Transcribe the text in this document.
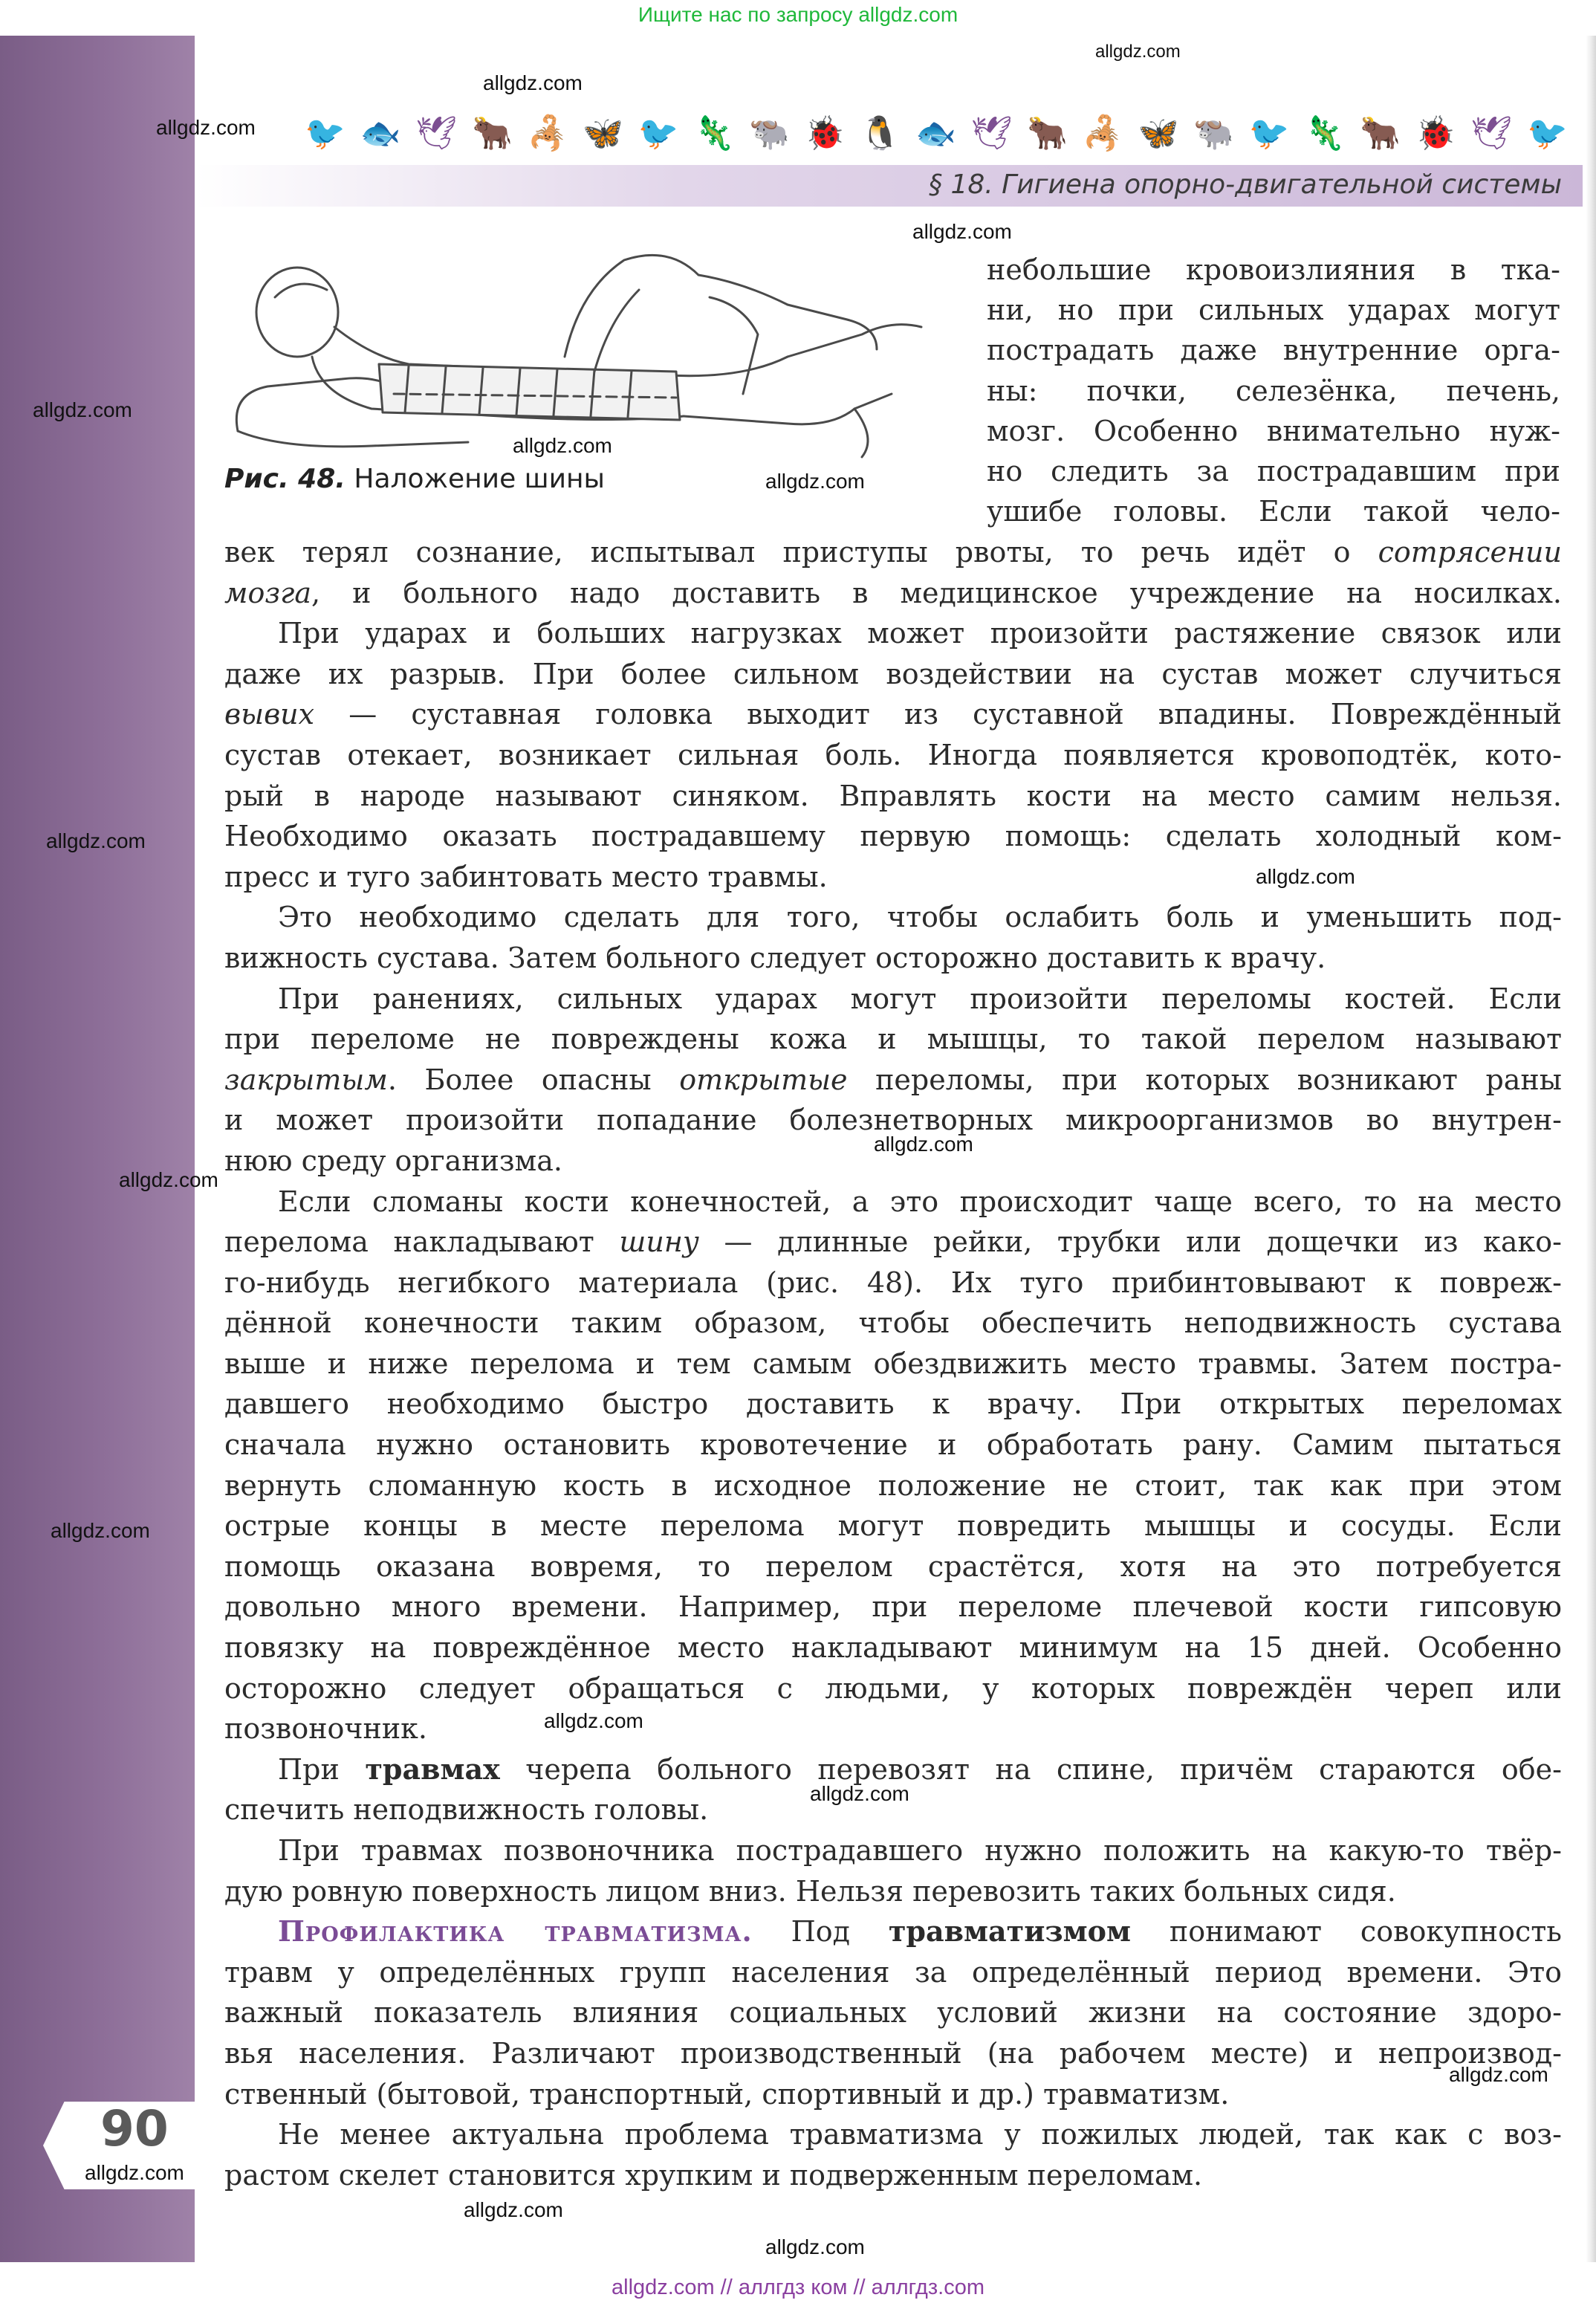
Ищите нас по запросу allgdz.com
90
🐦 🐟 🕊 🐂 🦂 🦋 🐦 🦎 🐃 🐞 🐧 🐟 🕊 🐂 🦂 🦋 🐃 🐦 🦎 🐂 🐞 🕊 🐦
§ 18. Гигиена опорно-двигательной системы
Рис. 48. Наложение шины
небольшие кровоизлияния в тка-
ни, но при сильных ударах могут
пострадать даже внутренние орга-
ны: почки, селезёнка, печень,
мозг. Особенно внимательно нуж-
но следить за пострадавшим при
ушибе головы. Если такой чело-
век терял сознание, испытывал приступы рвоты, то речь идёт о сотрясении
мозга, и больного надо доставить в медицинское учреждение на носилках.
При ударах и больших нагрузках может произойти растяжение связок или
даже их разрыв. При более сильном воздействии на сустав может случиться
вывих — суставная головка выходит из суставной впадины. Повреждённый
сустав отекает, возникает сильная боль. Иногда появляется кровоподтёк, кото-
рый в народе называют синяком. Вправлять кости на место самим нельзя.
Необходимо оказать пострадавшему первую помощь: сделать холодный ком-
пресс и туго забинтовать место травмы.
Это необходимо сделать для того, чтобы ослабить боль и уменьшить под-
вижность сустава. Затем больного следует осторожно доставить к врачу.
При ранениях, сильных ударах могут произойти переломы костей. Если
при переломе не повреждены кожа и мышцы, то такой перелом называют
закрытым. Более опасны открытые переломы, при которых возникают раны
и может произойти попадание болезнетворных микроорганизмов во внутрен-
нюю среду организма.
Если сломаны кости конечностей, а это происходит чаще всего, то на место
перелома накладывают шину — длинные рейки, трубки или дощечки из како-
го-нибудь негибкого материала (рис. 48). Их туго прибинтовывают к повреж-
дённой конечности таким образом, чтобы обеспечить неподвижность сустава
выше и ниже перелома и тем самым обездвижить место травмы. Затем постра-
давшего необходимо быстро доставить к врачу. При открытых переломах
сначала нужно остановить кровотечение и обработать рану. Самим пытаться
вернуть сломанную кость в исходное положение не стоит, так как при этом
острые концы в месте перелома могут повредить мышцы и сосуды. Если
помощь оказана вовремя, то перелом срастётся, хотя на это потребуется
довольно много времени. Например, при переломе плечевой кости гипсовую
повязку на повреждённое место накладывают минимум на 15 дней. Особенно
осторожно следует обращаться с людьми, у которых повреждён череп или
позвоночник.
При травмах черепа больного перевозят на спине, причём стараются обе-
спечить неподвижность головы.
При травмах позвоночника пострадавшего нужно положить на какую-то твёр-
дую ровную поверхность лицом вниз. Нельзя перевозить таких больных сидя.
Профилактика травматизма. Под травматизмом понимают совокупность
травм у определённых групп населения за определённый период времени. Это
важный показатель влияния социальных условий жизни на состояние здоро-
вья населения. Различают производственный (на рабочем месте) и непроизвод-
ственный (бытовой, транспортный, спортивный и др.) травматизм.
Не менее актуальна проблема травматизма у пожилых людей, так как с воз-
растом скелет становится хрупким и подверженным переломам.
allgdz.com
allgdz.com
allgdz.com
allgdz.com
allgdz.com
allgdz.com
allgdz.com
allgdz.com
allgdz.com
allgdz.com
allgdz.com
allgdz.com
allgdz.com
allgdz.com
allgdz.com
allgdz.com
allgdz.com
allgdz.com
allgdz.com // аллгдз ком // аллгдз.com
